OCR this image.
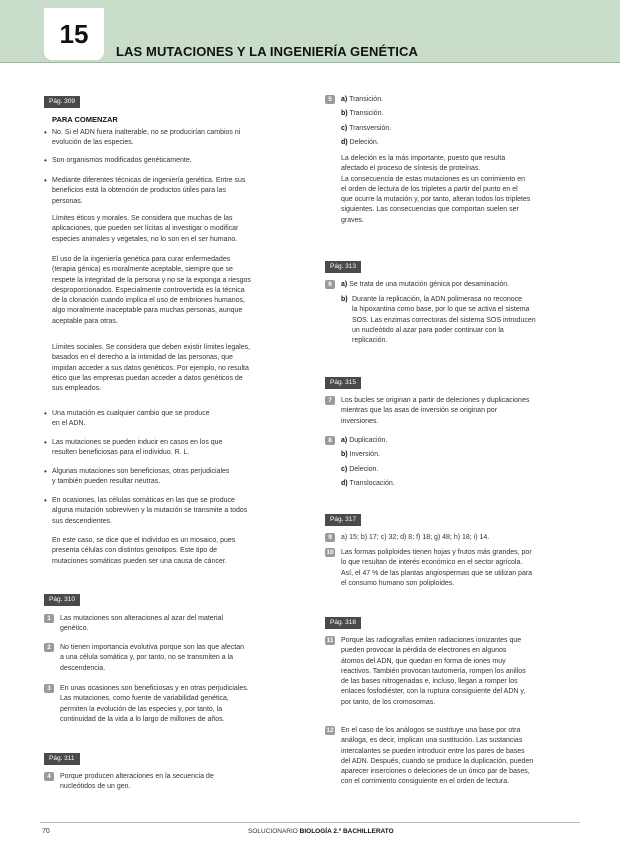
15
LAS MUTACIONES Y LA INGENIERÍA GENÉTICA
Pág. 309
PARA COMENZAR
• No. Si el ADN fuera inalterable, no se producirían cambios ni
evolución de las especies.
• Son organismos modificados genéticamente.
• Mediante diferentes técnicas de ingeniería genética. Entre sus
beneficios está la obtención de productos útiles para las
personas.
Límites éticos y morales. Se considera que muchas de las
aplicaciones, que pueden ser lícitas al investigar o modificar
especies animales y vegetales, no lo son en el ser humano.
El uso de la ingeniería genética para curar enfermedades
(terapia génica) es moralmente aceptable, siempre que se
respete la integridad de la persona y no se la exponga a riesgos
desproporcionados. Especialmente controvertida es la técnica
de la clonación cuando implica el uso de embriones humanos,
algo moralmente inaceptable para muchas personas, aunque
aceptable para otras.
Límites sociales. Se considera que deben existir límites legales,
basados en el derecho a la intimidad de las personas, que
impidan acceder a sus datos genéticos. Por ejemplo, no resulta
ético que las empresas puedan acceder a datos genéticos de
sus empleados.
• Una mutación es cualquier cambio que se produce
en el ADN.
• Las mutaciones se pueden inducir en casos en los que
resulten beneficiosas para el individuo. R. L.
• Algunas mutaciones son beneficiosas, otras perjudiciales
y también pueden resultar neutras.
• En ocasiones, las células somáticas en las que se produce
alguna mutación sobreviven y la mutación se transmite a todos
sus descendientes.
En este caso, se dice que el individuo es un mosaico, pues
presenta células con distintos genotipos. Este tipo de
mutaciones somáticas pueden ser una causa de cáncer.
Pág. 310
1	Las mutaciones son alteraciones al azar del material
genético.
2	No tienen importancia evolutiva porque son las que afectan
a una célula somática y, por tanto, no se transmiten a la
descendencia.
3	En unas ocasiones son beneficiosas y en otras perjudiciales.
Las mutaciones, como fuente de variabilidad genética,
permiten la evolución de las especies y, por tanto, la
continuidad de la vida a lo largo de millones de años.
Pág. 311
4	Porque producen alteraciones en la secuencia de
nucleótidos de un gen.
5	a) Transición.
b) Transición.
c) Transversión.
d) Deleción.
La deleción es la más importante, puesto que resulta
afectado el proceso de síntesis de proteínas.
La consecuencia de estas mutaciones es un corrimiento en
el orden de lectura de los tripletes a partir del punto en el
que ocurre la mutación y, por tanto, alteran todos los tripletes
siguientes. Las consecuencias que comportan suelen ser
graves.
Pág. 313
6	a) Se trata de una mutación génica por desaminación.
b) Durante la replicación, la ADN polimerasa no reconoce
la hipoxantina como base, por lo que se activa el sistema
SOS. Las enzimas correctoras del sistema SOS introducen
un nucleótido al azar para poder continuar con la
replicación.
Pág. 315
7	Los bucles se originan a partir de deleciones y duplicaciones
mientras que las asas de inversión se originan por
inversiones.
8	a) Duplicación.
b) Inversión.
c) Delecion.
d) Translocación.
Pág. 317
9	a) 15; b) 17; c) 32; d) 8; f) 18; g) 48; h) 18; i) 14.
10 Las formas poliploides tienen hojas y frutos más grandes, por
lo que resultan de interés económico en el sector agrícola.
Así, el 47 % de las plantas angiospermas que se utilizan para
el consumo humano son poliploides.
Pág. 318
11 Porque las radiografías emiten radiaciones ionizantes que
pueden provocar la pérdida de electrones en algunos
átomos del ADN, que quedan en forma de iones muy
reactivos. También provocan tautomería, rompen los anillos
de las bases nitrogenadas e, incluso, llegan a romper los
enlaces fosfodiéster, con la ruptura consiguiente del ADN y,
por tanto, de los cromosomas.
12 En el caso de los análogos se sustituye una base por otra
análoga, es decir, implican una sustitución. Las sustancias
intercalantes se pueden introducir entre los pares de bases
del ADN. Después, cuando se produce la duplicación, pueden
aparecer inserciones o deleciones de un único par de bases,
con el corrimiento consiguiente en el orden de lectura.
70	SOLUCIONARIO BIOLOGÍA 2.º BACHILLERATO
